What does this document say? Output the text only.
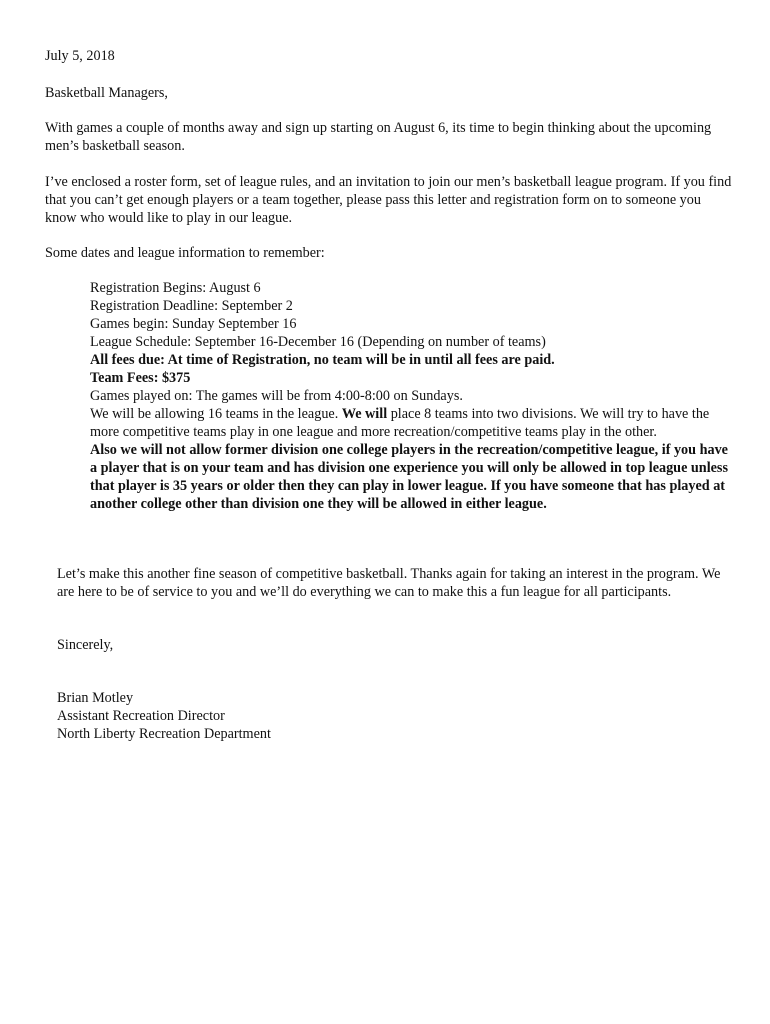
July 5, 2018

Basketball Managers,

With games a couple of months away and sign up starting on August 6, its time to begin thinking about the upcoming men’s basketball season.

I’ve enclosed a roster form, set of league rules, and an invitation to join our men’s basketball league program. If you find that you can’t get enough players or a team together, please pass this letter and registration form on to someone you know who would like to play in our league.

Some dates and league information to remember:

Registration Begins: August 6
Registration Deadline: September 2
Games begin: Sunday September 16
League Schedule: September 16-December 16 (Depending on number of teams)
All fees due: At time of Registration, no team will be in until all fees are paid.
Team Fees: $375
Games played on: The games will be from 4:00-8:00 on Sundays.
We will be allowing 16 teams in the league. We will place 8 teams into two divisions. We will try to have the more competitive teams play in one league and more recreation/competitive teams play in the other.
Also we will not allow former division one college players in the recreation/competitive league, if you have a player that is on your team and has division one experience you will only be allowed in top league unless that player is 35 years or older then they can play in lower league. If you have someone that has played at another college other than division one they will be allowed in either league.

Let’s make this another fine season of competitive basketball. Thanks again for taking an interest in the program. We are here to be of service to you and we’ll do everything we can to make this a fun league for all participants.

Sincerely,

Brian Motley
Assistant Recreation Director
North Liberty Recreation Department
